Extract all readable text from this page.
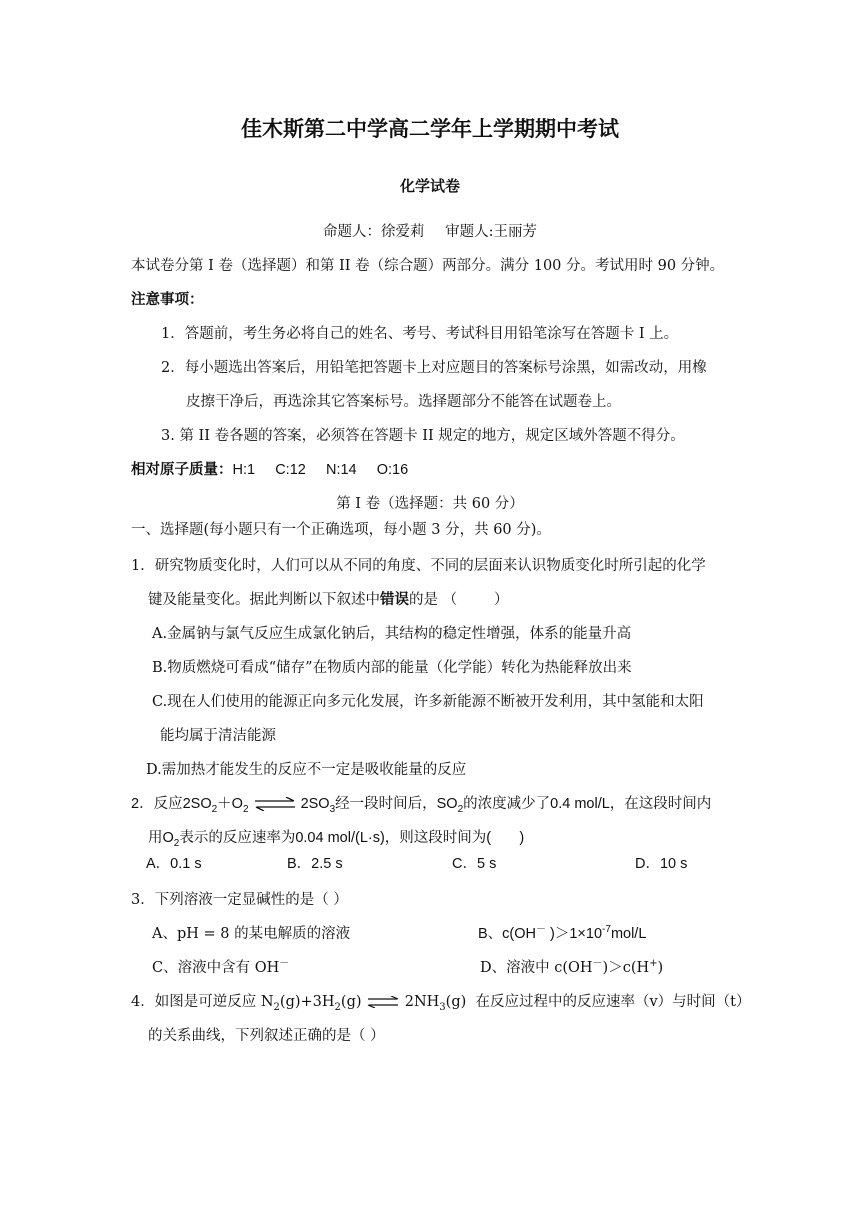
佳木斯第二中学高二学年上学期期中考试
化学试卷
命题人：徐爱莉 审题人:王丽芳
本试卷分第 I 卷（选择题）和第 II 卷（综合题）两部分。满分 100 分。考试用时 90 分钟。
注意事项：
1．答题前，考生务必将自己的姓名、考号、考试科目用铅笔涂写在答题卡 I 上。
2．每小题选出答案后，用铅笔把答题卡上对应题目的答案标号涂黑，如需改动，用橡
皮擦干净后，再选涂其它答案标号。选择题部分不能答在试题卷上。
3. 第 II 卷各题的答案，必须答在答题卡 II 规定的地方，规定区域外答题不得分。
相对原子质量：H:1     C:12     N:14     O:16
第 I 卷（选择题：共 60 分）
一、选择题(每小题只有一个正确选项，每小题 3 分，共 60 分)。
1．研究物质变化时，人们可以从不同的角度、不同的层面来认识物质变化时所引起的化学
键及能量变化。据此判断以下叙述中错误的是 （        ）
A.金属钠与氯气反应生成氯化钠后，其结构的稳定性增强，体系的能量升高
B.物质燃烧可看成“储存”在物质内部的能量（化学能）转化为热能释放出来
C.现在人们使用的能源正向多元化发展，许多新能源不断被开发利用，其中氢能和太阳
能均属于清洁能源
D.需加热才能发生的反应不一定是吸收能量的反应
2．反应$2SO_2+O_2$ ⇌ $2SO_3$经一段时间后，$SO_2$的浓度减少了0.4 mol/L，在这段时间内
用$O_2$表示的反应速率为0.04 mol/(L·s)，则这段时间为(       )
A．0.1 s	B．2.5 s	C．5 s	D．10 s
3．下列溶液一定显碱性的是（ ）
A、pH = 8 的某电解质的溶液	B、c(OH－ )$>1\times 10^{-7}mol/L$
C、溶液中含有 OH－	D、溶液中 c(OH－)＞c(H+)
4．如图是可逆反应 $N_2(g)+3H_2(g)$ ⇌ $2NH_3(g)$  在反应过程中的反应速率（v）与时间（t）
的关系曲线，下列叙述正确的是（ ）
